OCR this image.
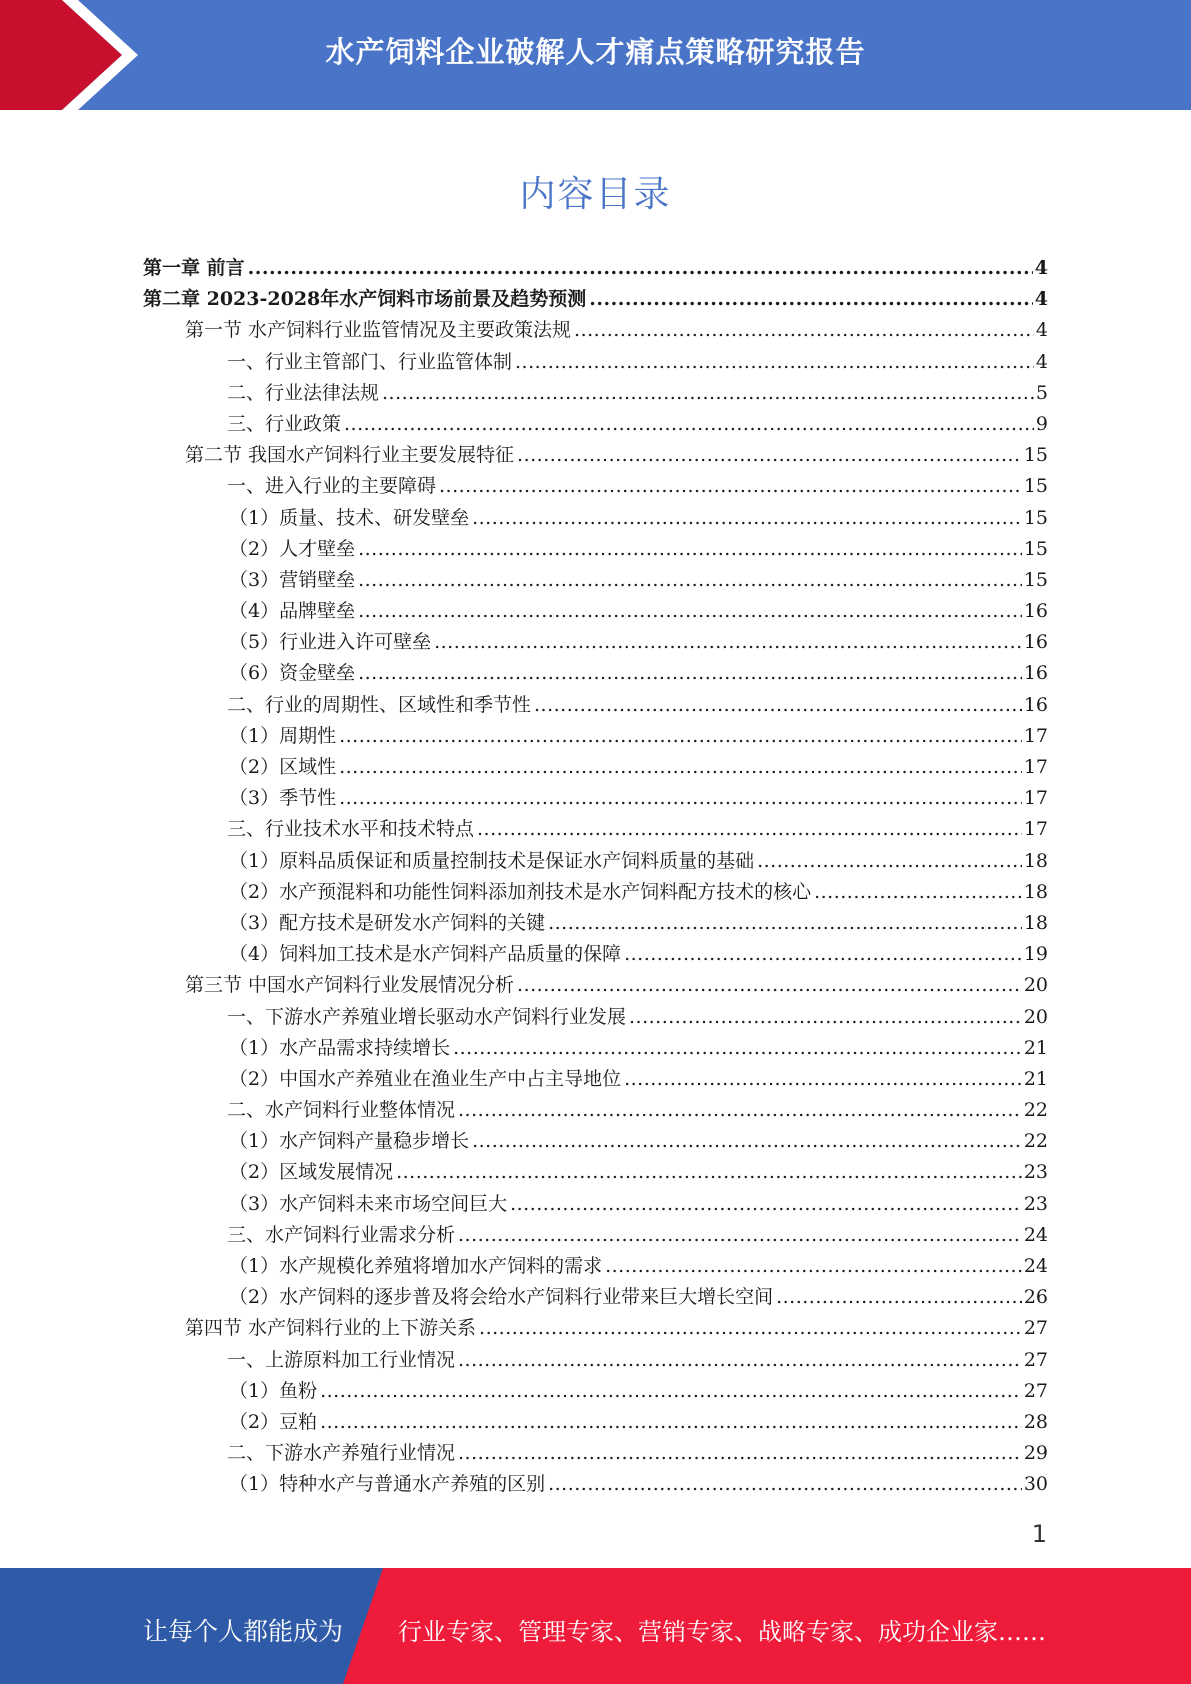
水产饲料企业破解人才痛点策略研究报告
内容目录
第一章 前言 .....	4
第二章 2023-2028年水产饲料市场前景及趋势预测 .....	4
第一节 水产饲料行业监管情况及主要政策法规 .....	4
一、行业主管部门、行业监管体制 .....	4
二、行业法律法规 .....	5
三、行业政策 .....	9
第二节 我国水产饲料行业主要发展特征 .....	15
一、进入行业的主要障碍 .....	15
（1）质量、技术、研发壁垒 .....	15
（2）人才壁垒 .....	15
（3）营销壁垒 .....	15
（4）品牌壁垒 .....	16
（5）行业进入许可壁垒 .....	16
（6）资金壁垒 .....	16
二、行业的周期性、区域性和季节性 .....	16
（1）周期性 .....	17
（2）区域性 .....	17
（3）季节性 .....	17
三、行业技术水平和技术特点 .....	17
（1）原料品质保证和质量控制技术是保证水产饲料质量的基础 .....	18
（2）水产预混料和功能性饲料添加剂技术是水产饲料配方技术的核心 .....	18
（3）配方技术是研发水产饲料的关键 .....	18
（4）饲料加工技术是水产饲料产品质量的保障 .....	19
第三节 中国水产饲料行业发展情况分析 .....	20
一、下游水产养殖业增长驱动水产饲料行业发展 .....	20
（1）水产品需求持续增长 .....	21
（2）中国水产养殖业在渔业生产中占主导地位 .....	21
二、水产饲料行业整体情况 .....	22
（1）水产饲料产量稳步增长 .....	22
（2）区域发展情况 .....	23
（3）水产饲料未来市场空间巨大 .....	23
三、水产饲料行业需求分析 .....	24
（1）水产规模化养殖将增加水产饲料的需求 .....	24
（2）水产饲料的逐步普及将会给水产饲料行业带来巨大增长空间 .....	26
第四节 水产饲料行业的上下游关系 .....	27
一、上游原料加工行业情况 .....	27
（1）鱼粉 .....	27
（2）豆粕 .....	28
二、下游水产养殖行业情况 .....	29
（1）特种水产与普通水产养殖的区别 .....	30
1
让每个人都能成为 行业专家、管理专家、营销专家、战略专家、成功企业家……
